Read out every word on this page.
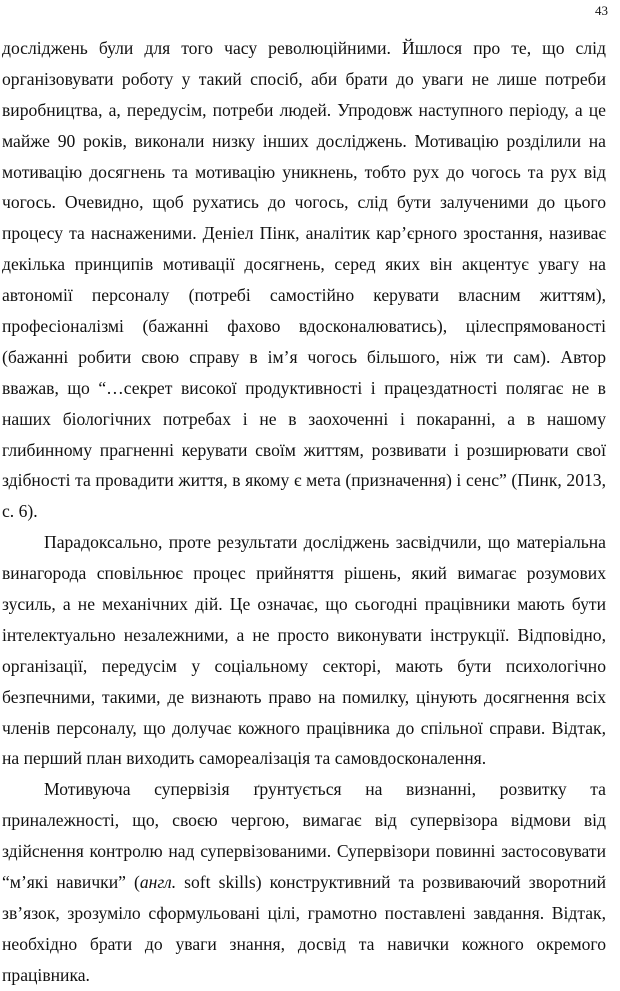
43
досліджень були для того часу революційними. Йшлося про те, що слід
організовувати роботу у такий спосіб, аби брати до уваги не лише потреби
виробництва, а, передусім, потреби людей. Упродовж наступного періоду, а це
майже 90 років, виконали низку інших досліджень. Мотивацію розділили на
мотивацію досягнень та мотивацію уникнень, тобто рух до чогось та рух від
чогось. Очевидно, щоб рухатись до чогось, слід бути залученими до цього
процесу та наснаженими. Деніел Пінк, аналітик кар’єрного зростання, називає
декілька принципів мотивації досягнень, серед яких він акцентує увагу на
автономії персоналу (потребі самостійно керувати власним життям),
професіоналізмі (бажанні фахово вдосконалюватись), цілеспрямованості
(бажанні робити свою справу в ім’я чогось більшого, ніж ти сам). Автор
вважав, що “…секрет високої продуктивності і працездатності полягає не в
наших біологічних потребах і не в заохоченні і покаранні, а в нашому
глибинному прагненні керувати своїм життям, розвивати і розширювати свої
здібності та провадити життя, в якому є мета (призначення) і сенс” (Пинк, 2013,
с. 6).
Парадоксально, проте результати досліджень засвідчили, що матеріальна
винагорода сповільнює процес прийняття рішень, який вимагає розумових
зусиль, а не механічних дій. Це означає, що сьогодні працівники мають бути
інтелектуально незалежними, а не просто виконувати інструкції. Відповідно,
організації, передусім у соціальному секторі, мають бути психологічно
безпечними, такими, де визнають право на помилку, цінують досягнення всіх
членів персоналу, що долучає кожного працівника до спільної справи. Відтак,
на перший план виходить самореалізація та самовдосконалення.
Мотивуюча супервізія ґрунтується на визнанні, розвитку та
приналежності, що, своєю чергою, вимагає від супервізора відмови від
здійснення контролю над супервізованими. Супервізори повинні застосовувати
“м’які навички” (англ. soft skills) конструктивний та розвиваючий зворотний
зв’язок, зрозуміло сформульовані цілі, грамотно поставлені завдання. Відтак,
необхідно брати до уваги знання, досвід та навички кожного окремого
працівника.
